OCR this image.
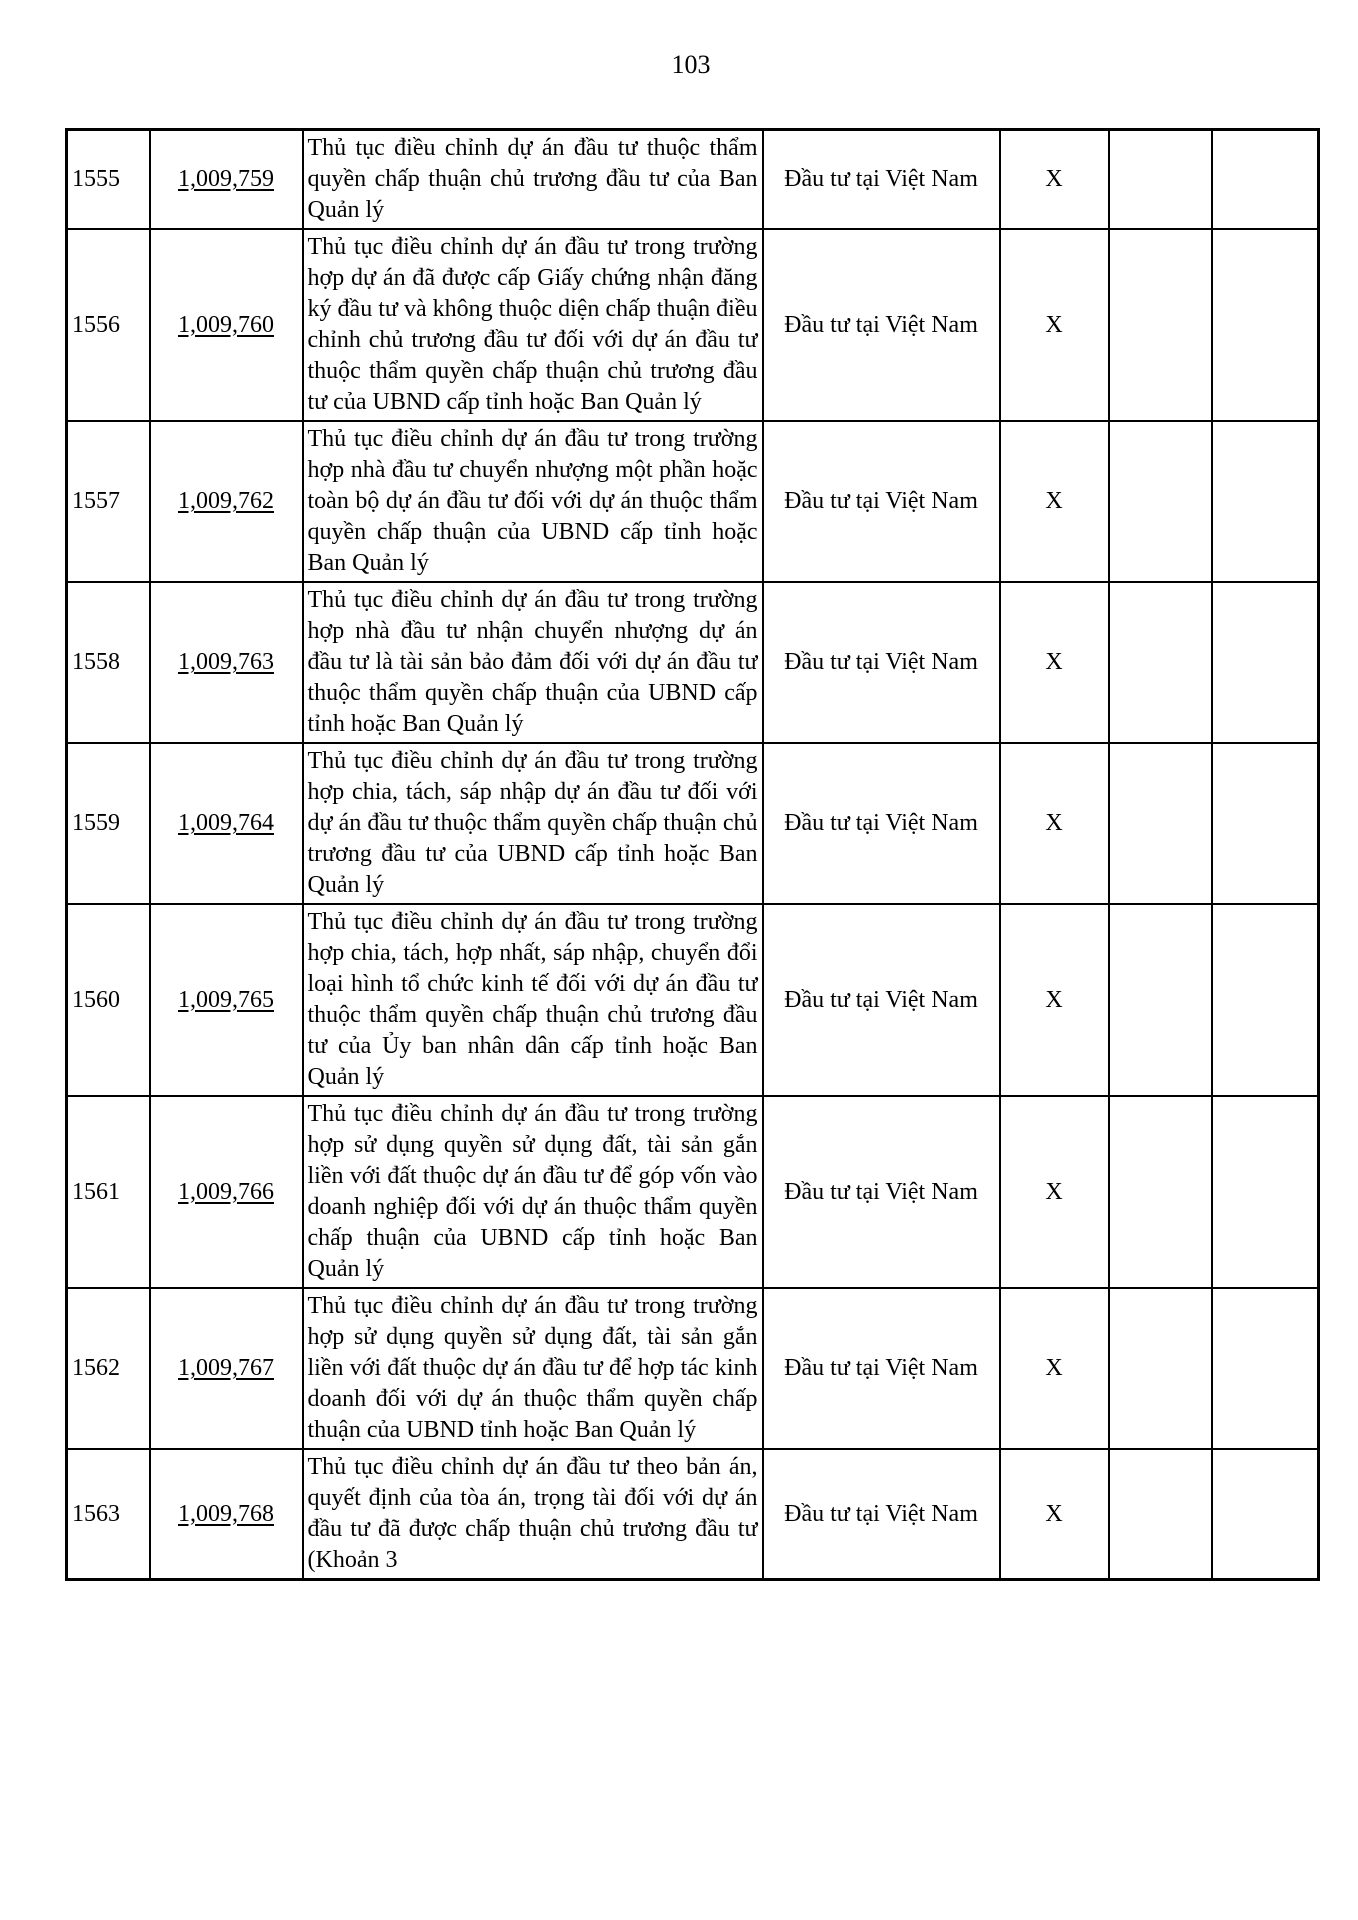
103
1555	1,009,759	Thủ tục điều chỉnh dự án đầu tư thuộc thẩm quyền chấp thuận chủ trương đầu tư của Ban Quản lý	Đầu tư tại Việt Nam	X		
1556	1,009,760	Thủ tục điều chỉnh dự án đầu tư trong trường hợp dự án đã được cấp Giấy chứng nhận đăng ký đầu tư và không thuộc diện chấp thuận điều chỉnh chủ trương đầu tư đối với dự án đầu tư thuộc thẩm quyền chấp thuận chủ trương đầu tư của UBND cấp tỉnh hoặc Ban Quản lý	Đầu tư tại Việt Nam	X		
1557	1,009,762	Thủ tục điều chỉnh dự án đầu tư trong trường hợp nhà đầu tư chuyển nhượng một phần hoặc toàn bộ dự án đầu tư đối với dự án thuộc thẩm quyền chấp thuận của UBND cấp tỉnh hoặc Ban Quản lý	Đầu tư tại Việt Nam	X		
1558	1,009,763	Thủ tục điều chỉnh dự án đầu tư trong trường hợp nhà đầu tư nhận chuyển nhượng dự án đầu tư là tài sản bảo đảm đối với dự án đầu tư thuộc thẩm quyền chấp thuận của UBND cấp tỉnh hoặc Ban Quản lý	Đầu tư tại Việt Nam	X		
1559	1,009,764	Thủ tục điều chỉnh dự án đầu tư trong trường hợp chia, tách, sáp nhập dự án đầu tư đối với dự án đầu tư thuộc thẩm quyền chấp thuận chủ trương đầu tư của UBND cấp tỉnh hoặc Ban Quản lý	Đầu tư tại Việt Nam	X		
1560	1,009,765	Thủ tục điều chỉnh dự án đầu tư trong trường hợp chia, tách, hợp nhất, sáp nhập, chuyển đổi loại hình tổ chức kinh tế đối với dự án đầu tư thuộc thẩm quyền chấp thuận chủ trương đầu tư của Ủy ban nhân dân cấp tỉnh hoặc Ban Quản lý	Đầu tư tại Việt Nam	X		
1561	1,009,766	Thủ tục điều chỉnh dự án đầu tư trong trường hợp sử dụng quyền sử dụng đất, tài sản gắn liền với đất thuộc dự án đầu tư để góp vốn vào doanh nghiệp đối với dự án thuộc thẩm quyền chấp thuận của UBND cấp tỉnh hoặc Ban Quản lý	Đầu tư tại Việt Nam	X		
1562	1,009,767	Thủ tục điều chỉnh dự án đầu tư trong trường hợp sử dụng quyền sử dụng đất, tài sản gắn liền với đất thuộc dự án đầu tư để hợp tác kinh doanh đối với dự án thuộc thẩm quyền chấp thuận của UBND tỉnh hoặc Ban Quản lý	Đầu tư tại Việt Nam	X		
1563	1,009,768	Thủ tục điều chỉnh dự án đầu tư theo bản án, quyết định của tòa án, trọng tài đối với dự án đầu tư đã được chấp thuận chủ trương đầu tư (Khoản 3	Đầu tư tại Việt Nam	X		
